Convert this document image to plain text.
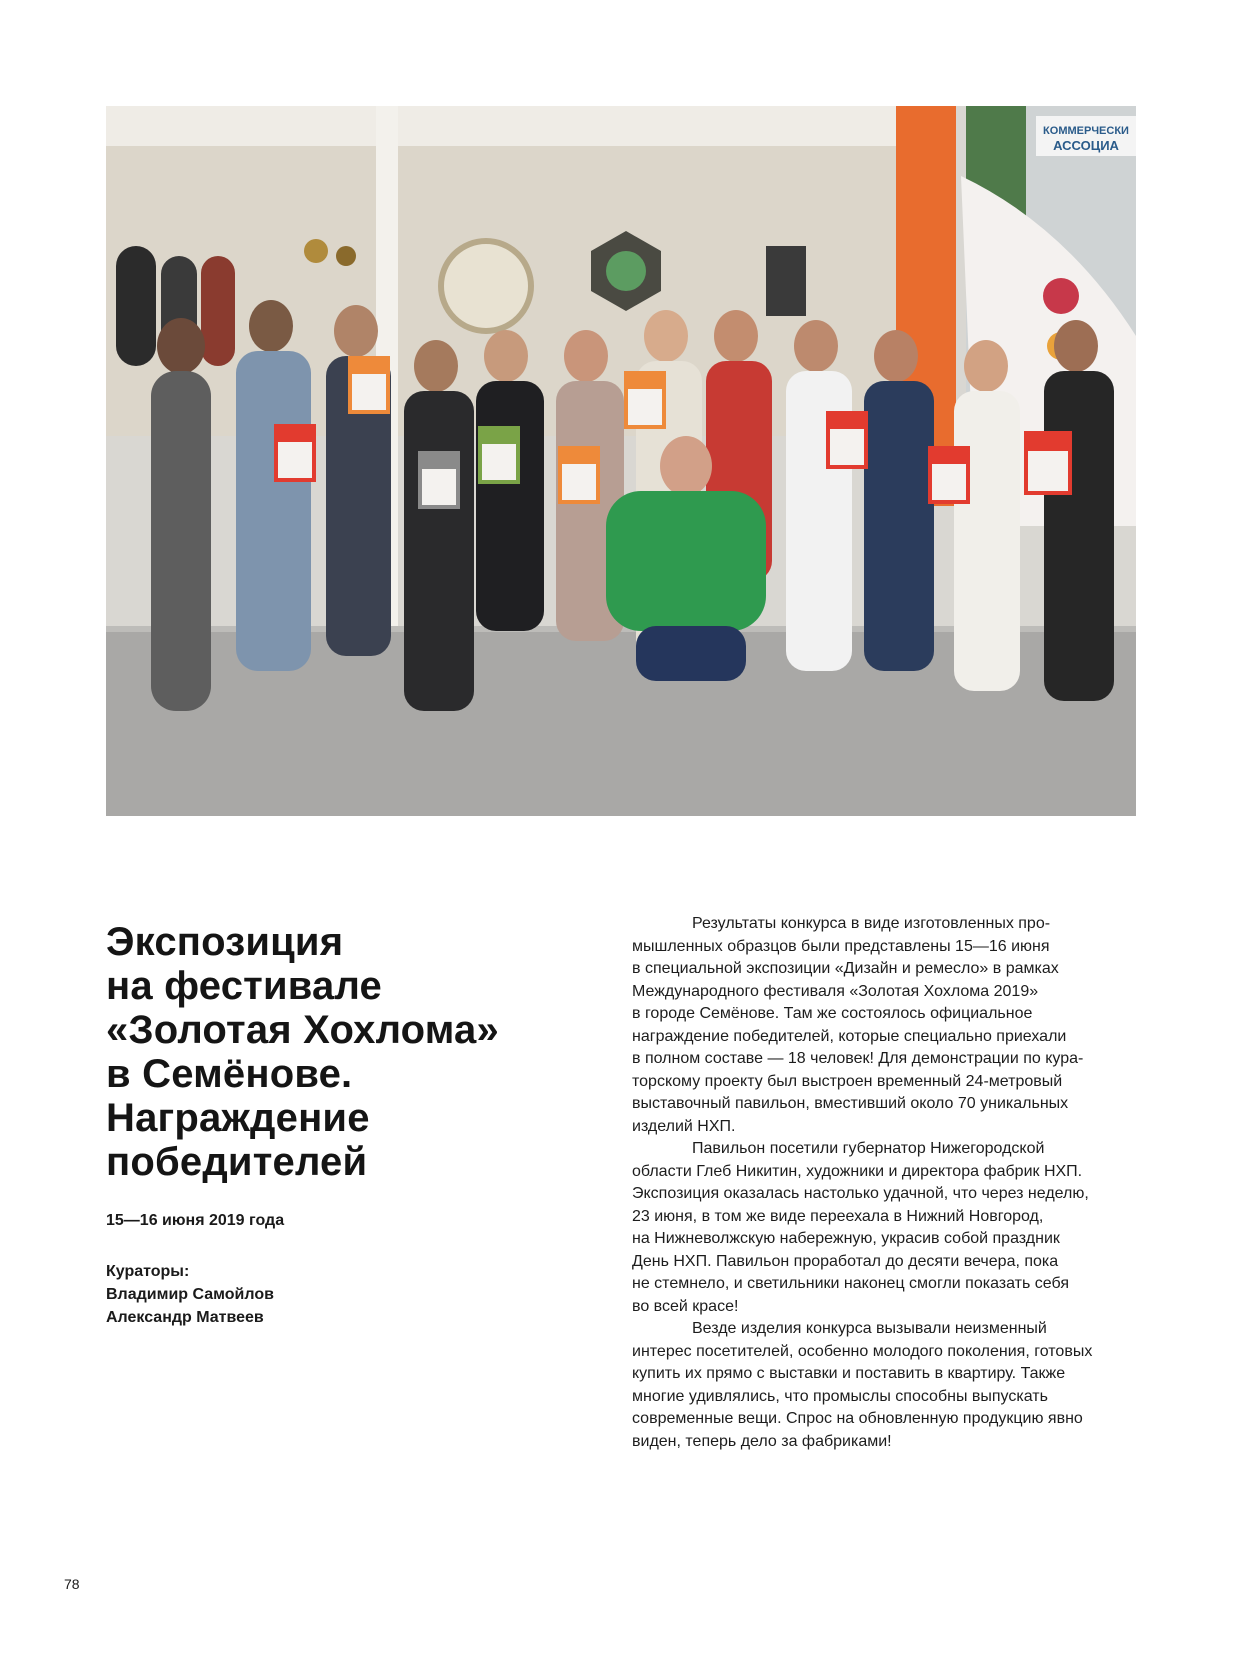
КОММЕРЧЕСКИ
АССОЦИА
Экспозиция
на фестивале
«Золотая Хохлома»
в Семёнове.
Награждение
победителей

15—16 июня 2019 года

Кураторы:
Владимир Самойлов
Александр Матвеев
Результаты конкурса в виде изготовленных про-
мышленных образцов были представлены 15—16 июня
в специальной экспозиции «Дизайн и ремесло» в рамках
Международного фестиваля «Золотая Хохлома 2019»
в городе Семёнове. Там же состоялось официальное
награждение победителей, которые специально приехали
в полном составе — 18 человек! Для демонстрации по кура-
торскому проекту был выстроен временный 24-метровый
выставочный павильон, вместивший около 70 уникальных
изделий НХП.
Павильон посетили губернатор Нижегородской
области Глеб Никитин, художники и директора фабрик НХП.
Экспозиция оказалась настолько удачной, что через неделю,
23 июня, в том же виде переехала в Нижний Новгород,
на Нижневолжскую набережную, украсив собой праздник
День НХП. Павильон проработал до десяти вечера, пока
не стемнело, и светильники наконец смогли показать себя
во всей красе!
Везде изделия конкурса вызывали неизменный
интерес посетителей, особенно молодого поколения, готовых
купить их прямо с выставки и поставить в квартиру. Также
многие удивлялись, что промыслы способны выпускать
современные вещи. Спрос на обновленную продукцию явно
виден, теперь дело за фабриками!

78
